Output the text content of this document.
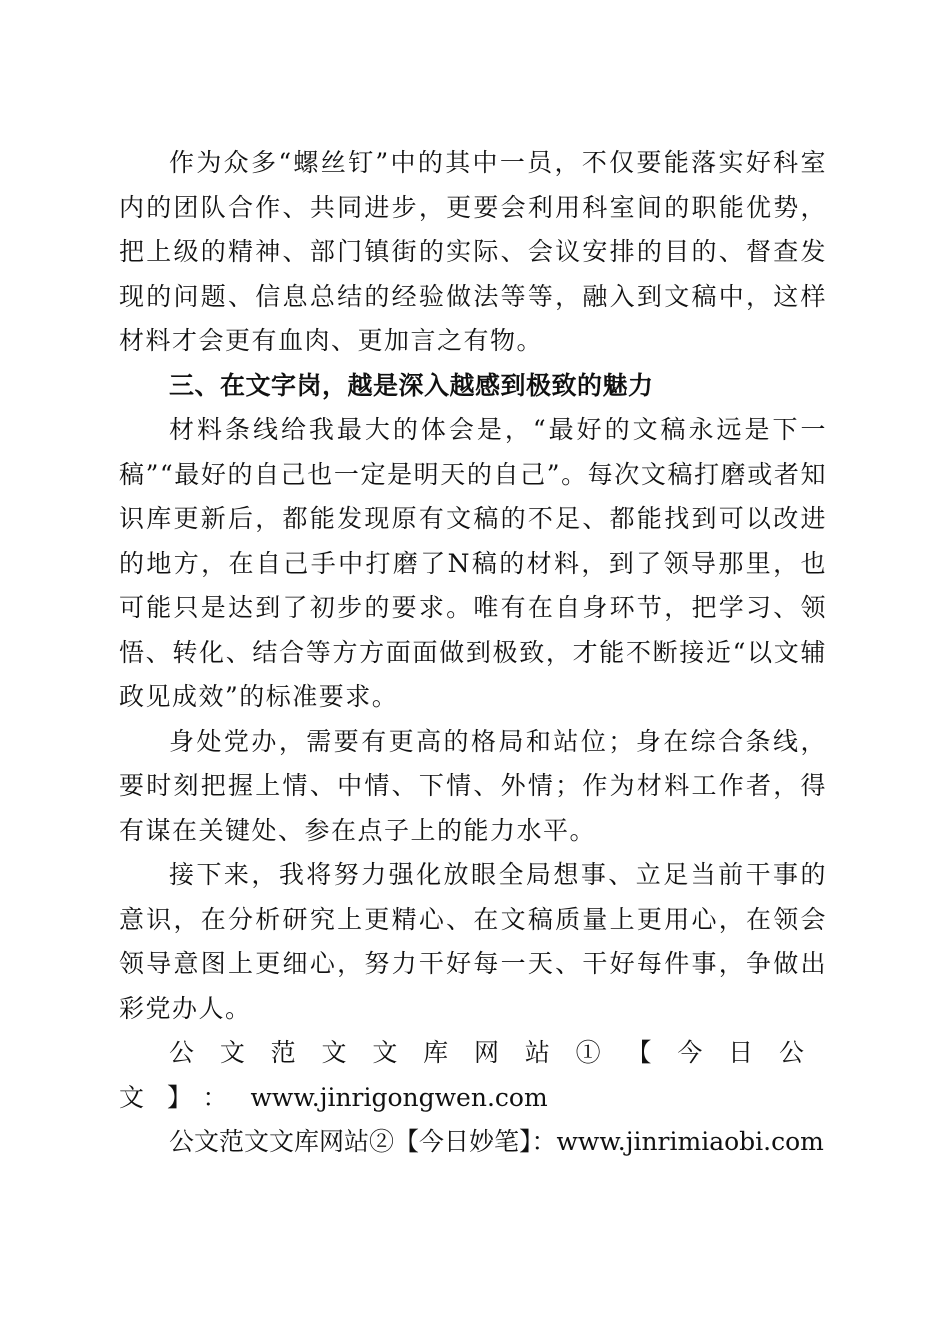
作为众多“螺丝钉”中的其中一员，不仅要能落实好科室内的团队合作、共同进步，更要会利用科室间的职能优势，把上级的精神、部门镇街的实际、会议安排的目的、督查发现的问题、信息总结的经验做法等等，融入到文稿中，这样材料才会更有血肉、更加言之有物。

三、在文字岗，越是深入越感到极致的魅力

材料条线给我最大的体会是，“最好的文稿永远是下一稿”“最好的自己也一定是明天的自己”。每次文稿打磨或者知识库更新后，都能发现原有文稿的不足、都能找到可以改进的地方，在自己手中打磨了N稿的材料，到了领导那里，也可能只是达到了初步的要求。唯有在自身环节，把学习、领悟、转化、结合等方方面面做到极致，才能不断接近“以文辅政见成效”的标准要求。

身处党办，需要有更高的格局和站位；身在综合条线，要时刻把握上情、中情、下情、外情；作为材料工作者，得有谋在关键处、参在点子上的能力水平。

接下来，我将努力强化放眼全局想事、立足当前干事的意识，在分析研究上更精心、在文稿质量上更用心，在领会领导意图上更细心，努力干好每一天、干好每件事，争做出彩党办人。

公文范文文库网站①【今日公文】：www.jinrigongwen.com

公文范文文库网站②【今日妙笔】：www.jinrimiaobi.com
